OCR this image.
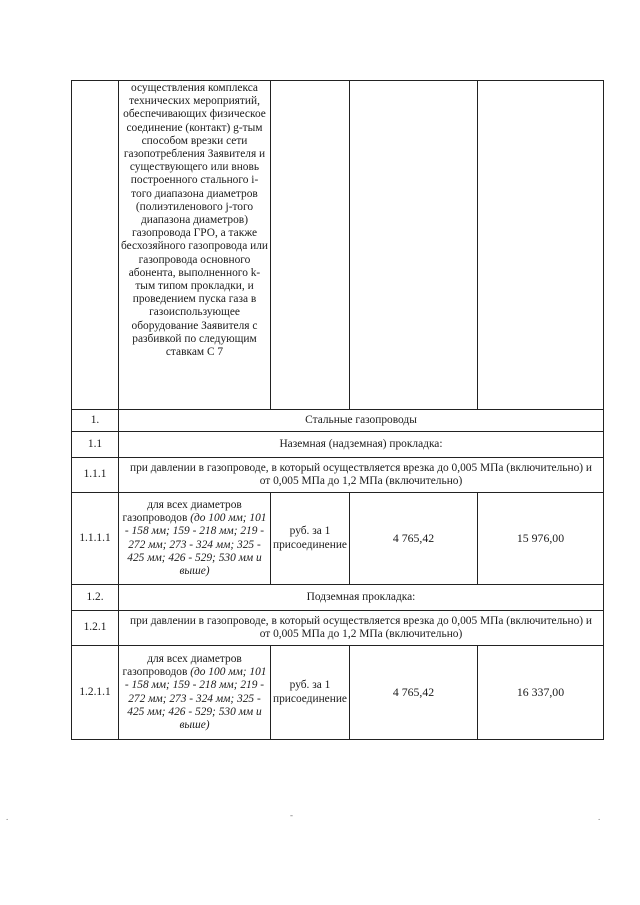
	осуществления комплекса технических мероприятий, обеспечивающих физическое соединение (контакт) g-тым способом врезки сети газопотребления Заявителя и существующего или вновь построенного стального i-того диапазона диаметров (полиэтиленового j-того диапазона диаметров) газопровода ГРО, а также бесхозяйного газопровода или газопровода основного абонента, выполненного k-тым типом прокладки, и проведением пуска газа в газоиспользующее оборудование Заявителя с разбивкой по следующим ставкам С 7			
1.	Стальные газопроводы			
1.1	Наземная (надземная) прокладка:			
1.1.1	при давлении в газопроводе, в который осуществляется врезка до 0,005 МПа (включительно) и от 0,005 МПа до 1,2 МПа (включительно)			
1.1.1.1	для всех диаметров газопроводов (до 100 мм; 101 - 158 мм; 159 - 218 мм; 219 - 272 мм; 273 - 324 мм; 325 - 425 мм; 426 - 529; 530 мм и выше)	руб. за 1 присоединение	4 765,42	15 976,00
1.2.	Подземная прокладка:			
1.2.1	при давлении в газопроводе, в который осуществляется врезка до 0,005 МПа (включительно) и от 0,005 МПа до 1,2 МПа (включительно)			
1.2.1.1	для всех диаметров газопроводов (до 100 мм; 101 - 158 мм; 159 - 218 мм; 219 - 272 мм; 273 - 324 мм; 325 - 425 мм; 426 - 529; 530 мм и выше)	руб. за 1 присоединение	4 765,42	16 337,00
.	-	.
